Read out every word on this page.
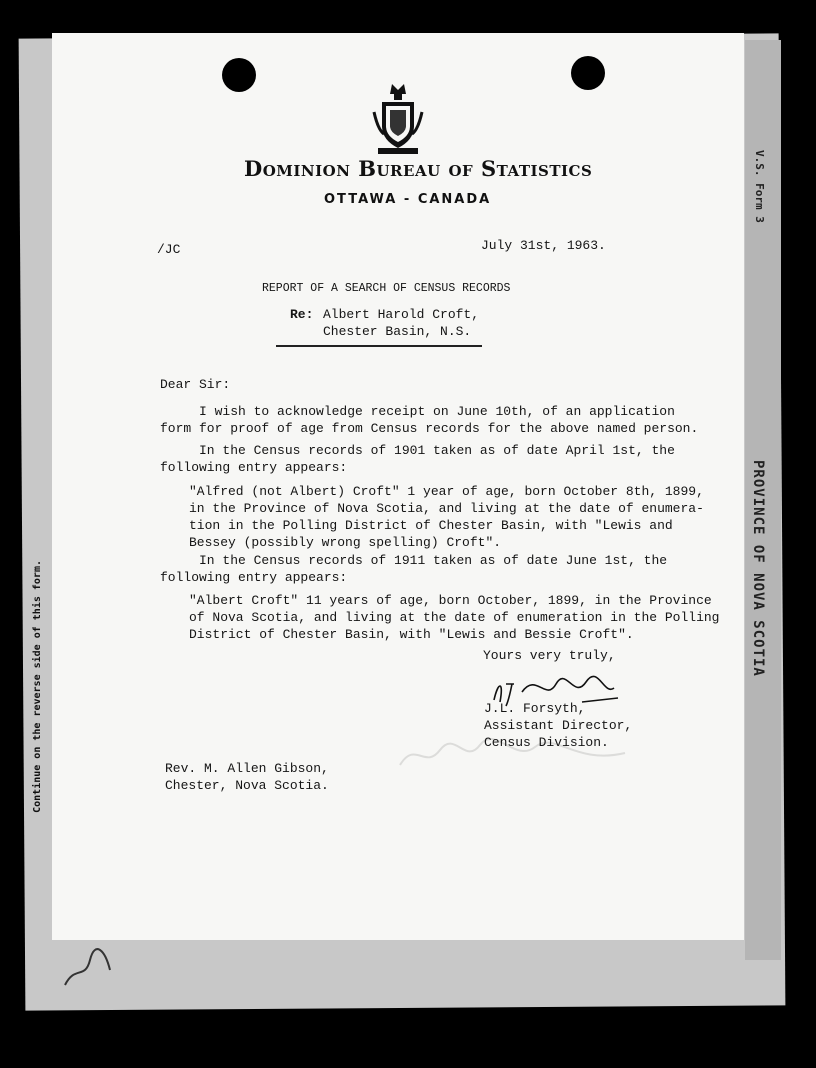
V.S. Form 3
PROVINCE OF NOVA SCOTIA
Continue on the reverse side of this form.
Dominion Bureau of Statistics
OTTAWA - CANADA
/JC	July 31st, 1963.
REPORT OF A SEARCH OF CENSUS RECORDS
Re: Albert Harold Croft,
Chester Basin, N.S.
Dear Sir:
I wish to acknowledge receipt on June 10th, of an application
form for proof of age from Census records for the above named person.
In the Census records of 1901 taken as of date April 1st, the
following entry appears:
"Alfred (not Albert) Croft" 1 year of age, born October 8th, 1899,
in the Province of Nova Scotia, and living at the date of enumera-
tion in the Polling District of Chester Basin, with "Lewis and
Bessey (possibly wrong spelling) Croft".
In the Census records of 1911 taken as of date June 1st, the
following entry appears:
"Albert Croft" 11 years of age, born October, 1899, in the Province
of Nova Scotia, and living at the date of enumeration in the Polling
District of Chester Basin, with "Lewis and Bessie Croft".
Yours very truly,
J.L. Forsyth,
Assistant Director,
Census Division.
Rev. M. Allen Gibson,
Chester, Nova Scotia.
